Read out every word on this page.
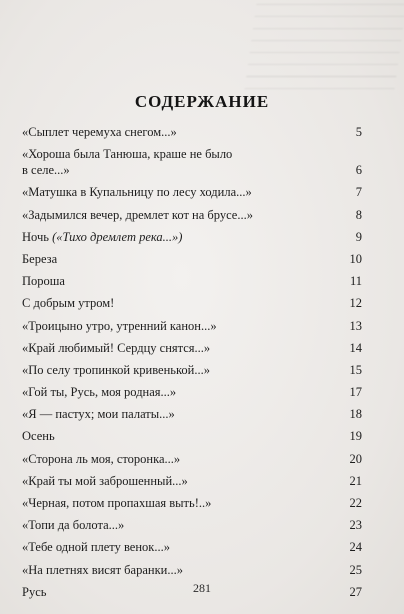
СОДЕРЖАНИЕ
«Сыплет черемуха снегом...»	5
«Хороша была Танюша, краше не было
в селе...»	6
«Матушка в Купальницу по лесу ходила...»	7
«Задымился вечер, дремлет кот на брусе...»	8
Ночь («Тихо дремлет река...»)	9
Береза	10
Пороша	11
С добрым утром!	12
«Троицыно утро, утренний канон...»	13
«Край любимый! Сердцу снятся...»	14
«По селу тропинкой кривенькой...»	15
«Гой ты, Русь, моя родная...»	17
«Я — пастух; мои палаты...»	18
Осень	19
«Сторона ль моя, сторонка...»	20
«Край ты мой заброшенный...»	21
«Черная, потом пропахшая выть!..»	22
«Топи да болота...»	23
«Тебе одной плету венок...»	24
«На плетнях висят баранки...»	25
Русь	27
281
